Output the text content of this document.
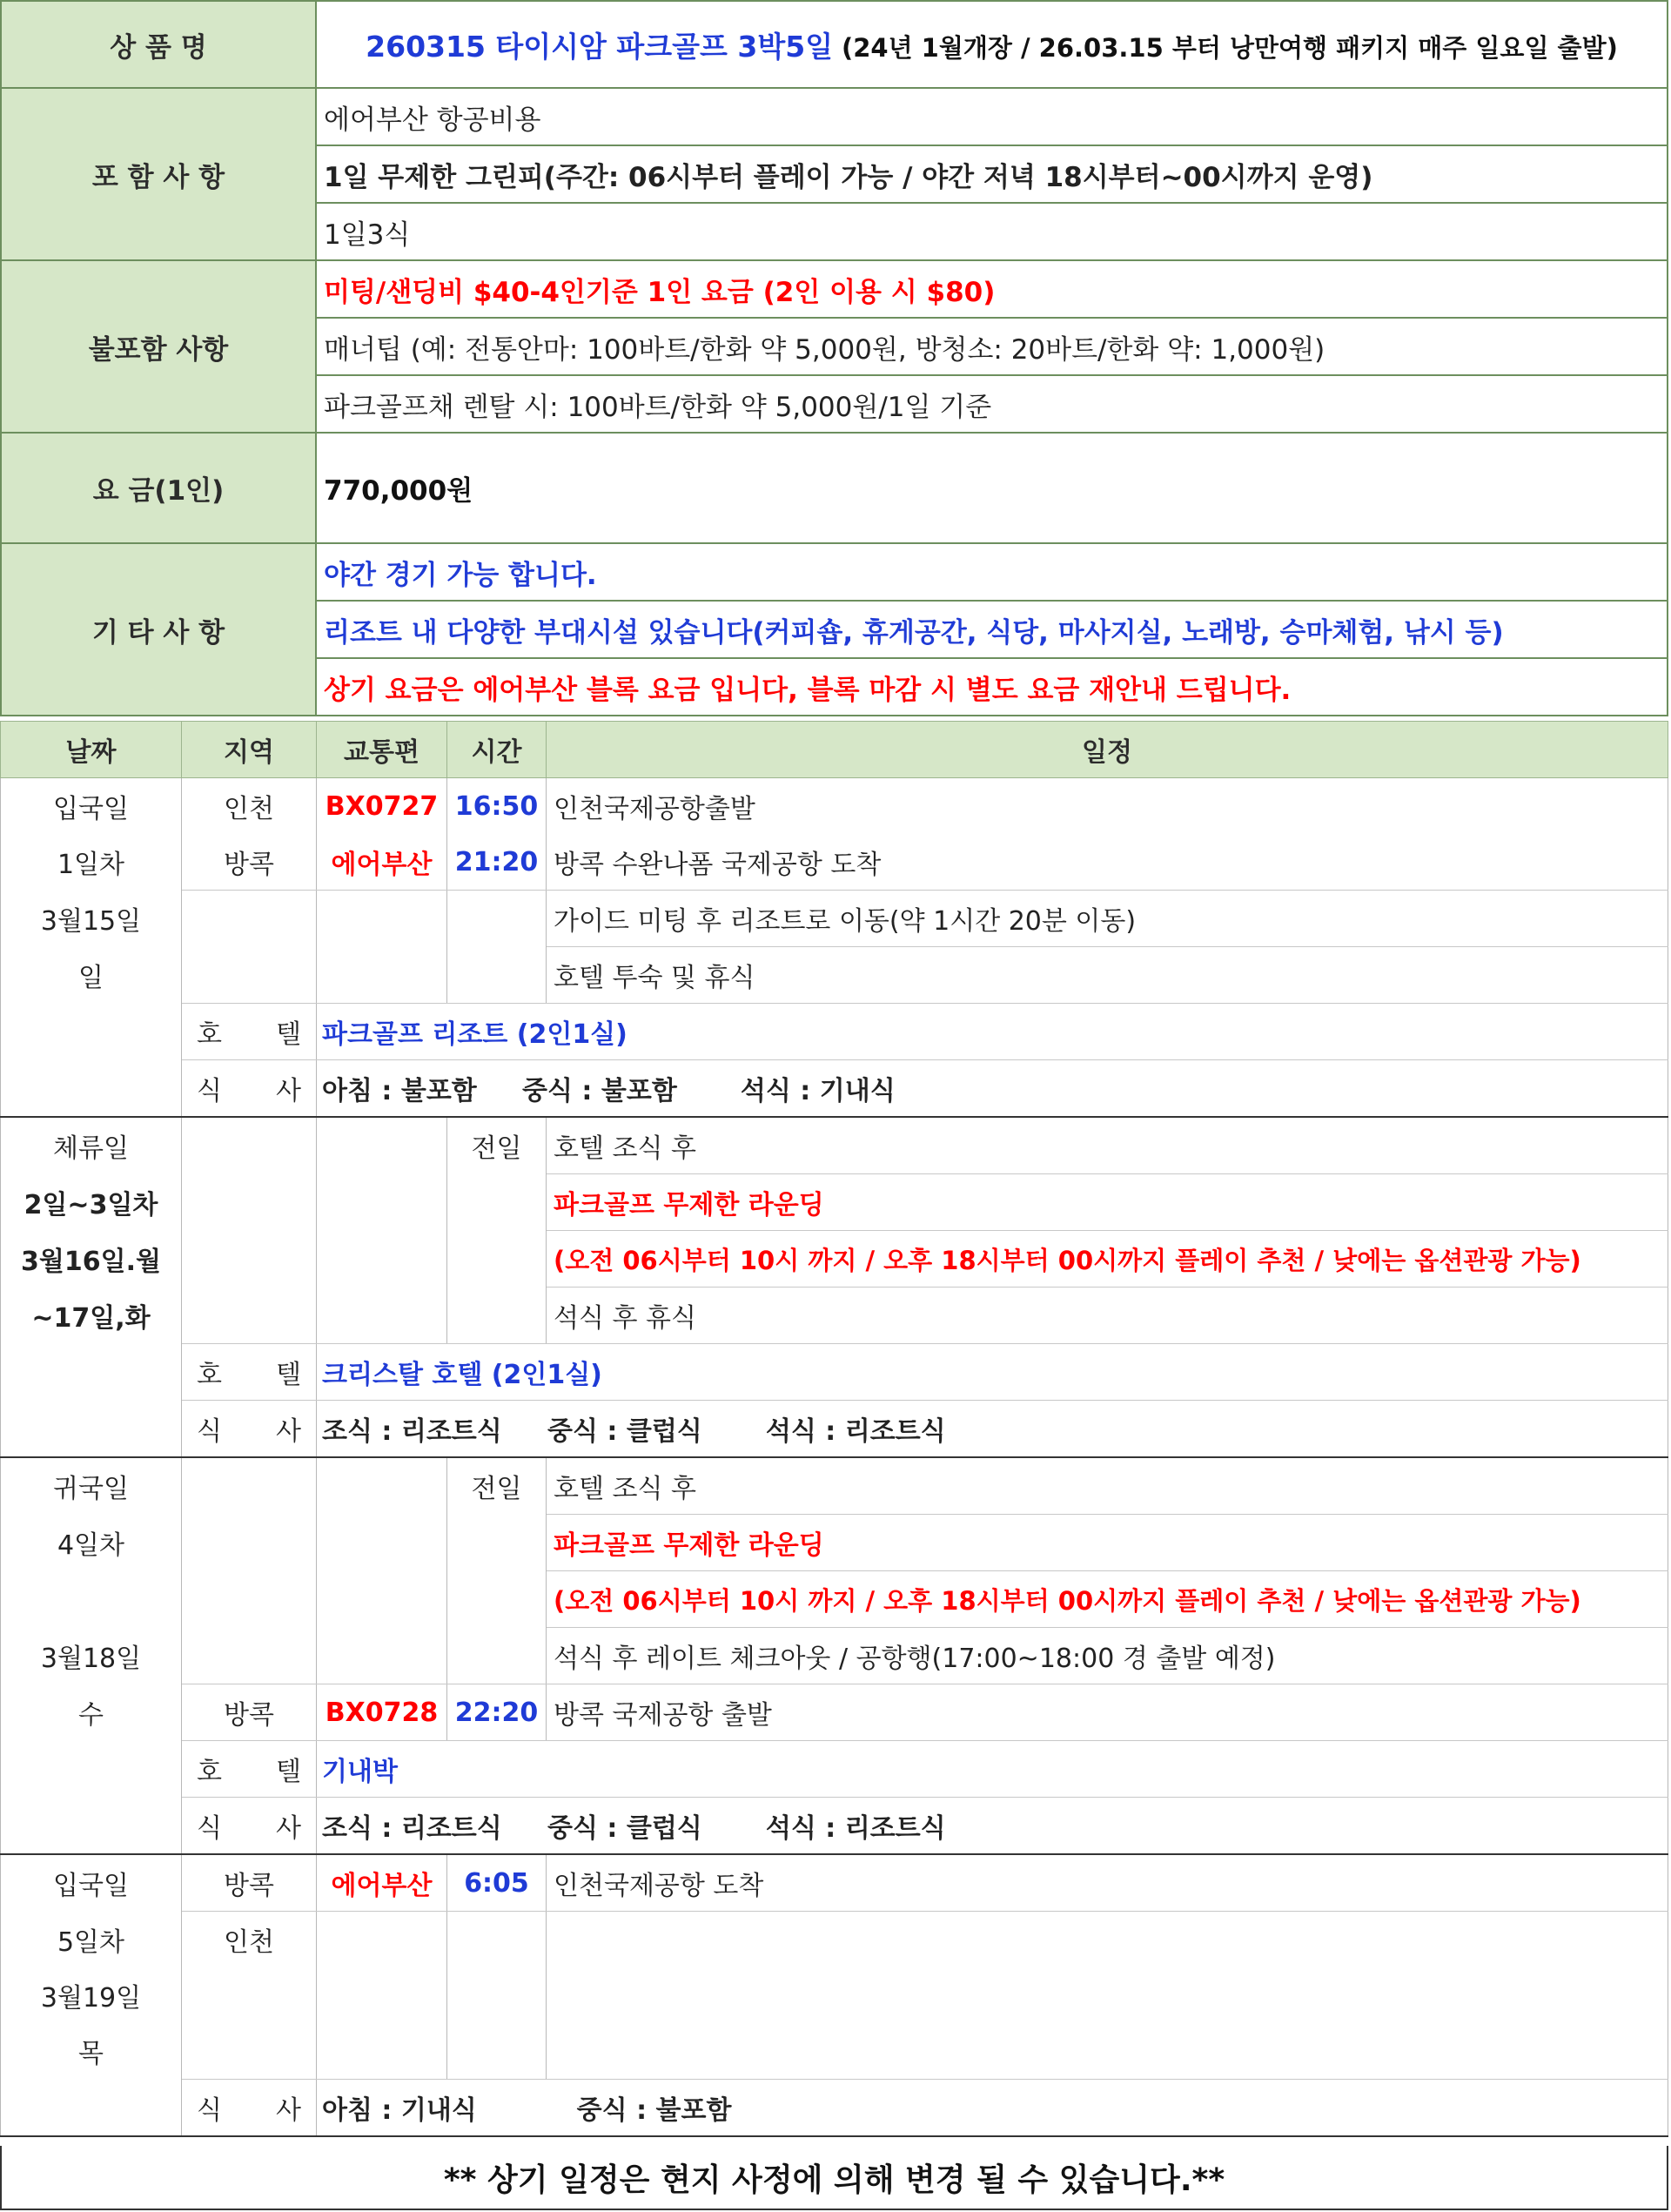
상 품 명	260315 타이시암 파크골프 3박5일 (24년 1월개장 / 26.03.15 부터 낭만여행 패키지 매주 일요일 출발)
포 함 사 항	에어부산 항공비용
	1일 무제한 그린피(주간: 06시부터 플레이 가능 / 야간 저녁 18시부터~00시까지 운영)
	1일3식
불포함 사항	미팅/샌딩비 $40-4인기준 1인 요금 (2인 이용 시 $80)
	매너팁 (예: 전통안마: 100바트/한화 약 5,000원, 방청소: 20바트/한화 약: 1,000원)
	파크골프채 렌탈 시: 100바트/한화 약 5,000원/1일 기준
요 금(1인)	770,000원
기 타 사 항	야간 경기 가능 합니다.
	리조트 내 다양한 부대시설 있습니다(커피숍, 휴게공간, 식당, 마사지실, 노래방, 승마체험, 낚시 등)
	상기 요금은 에어부산 블록 요금 입니다, 블록 마감 시 별도 요금 재안내 드립니다.
날짜	지역	교통편	시간	일정
입국일	인천	BX0727	16:50	인천국제공항출발
1일차	방콕	에어부산	21:20	방콕 수완나폼 국제공항 도착
3월15일				가이드 미팅 후 리조트로 이동(약 1시간 20분 이동)
일				호텔 투숙 및 휴식
	호 텔	파크골프 리조트 (2인1실)		
	식 사	아침 : 불포함     중식 : 불포함       석식 : 기내식		
체류일			전일	호텔 조식 후
2일~3일차				파크골프 무제한 라운딩
3월16일.월				(오전 06시부터 10시 까지 / 오후 18시부터 00시까지 플레이 추천 / 낮에는 옵션관광 가능)
~17일,화				석식 후 휴식
	호 텔	크리스탈 호텔 (2인1실)		
	식 사	조식 : 리조트식     중식 : 클럽식       석식 : 리조트식		
귀국일			전일	호텔 조식 후
4일차				파크골프 무제한 라운딩
				(오전 06시부터 10시 까지 / 오후 18시부터 00시까지 플레이 추천 / 낮에는 옵션관광 가능)
3월18일				석식 후 레이트 체크아웃 / 공항행(17:00~18:00 경 출발 예정)
수	방콕	BX0728	22:20	방콕 국제공항 출발
	호 텔	기내박		
	식 사	조식 : 리조트식     중식 : 클럽식       석식 : 리조트식		
입국일	방콕	에어부산	6:05	인천국제공항 도착
5일차	인천			
3월19일				
목				
	식 사	아침 : 기내식           중식 : 불포함		
** 상기 일정은 현지 사정에 의해 변경 될 수 있습니다.**
